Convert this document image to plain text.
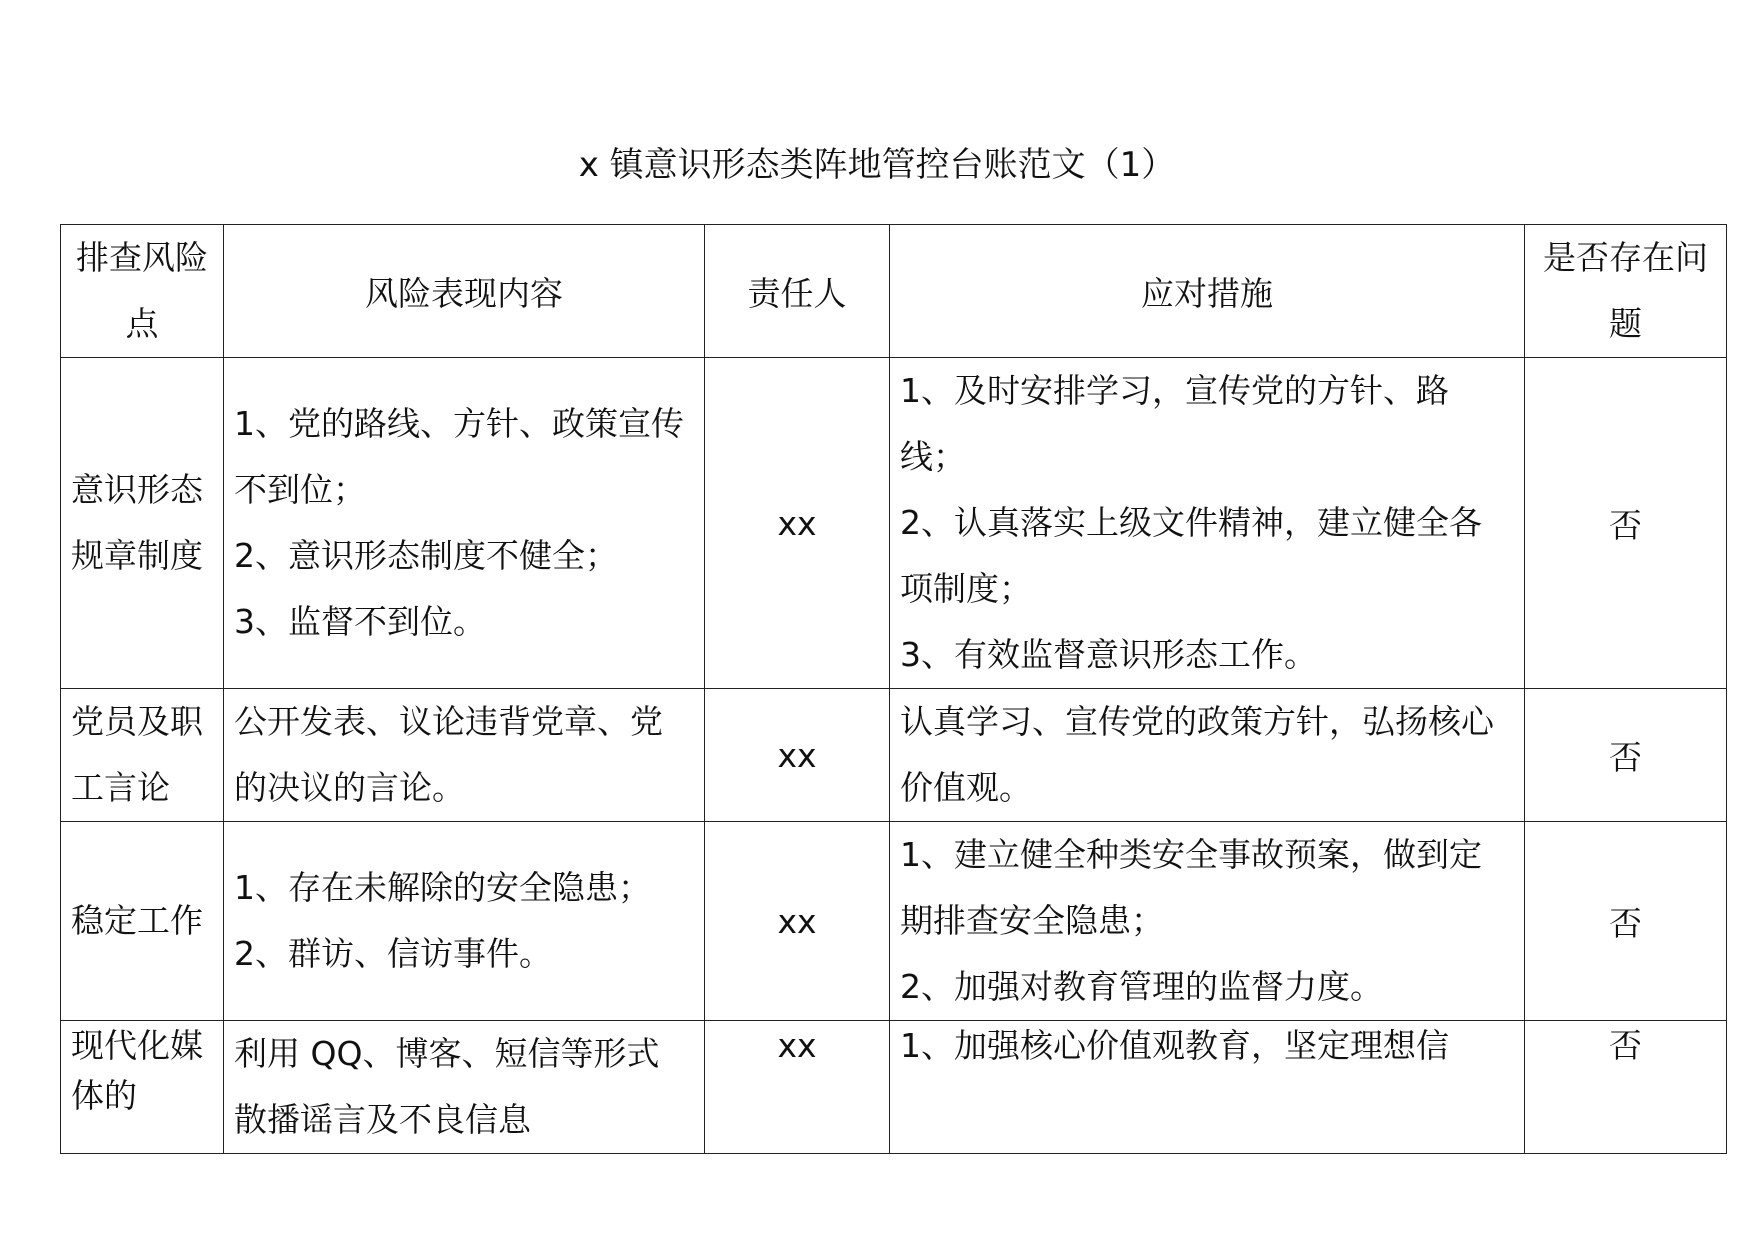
x 镇意识形态类阵地管控台账范文（1）
排查风险
点	风险表现内容	责任人	应对措施	是否存在问
题

意识形态
规章制度	1、党的路线、方针、政策宣传
不到位；
2、意识形态制度不健全；
3、监督不到位。	xx	1、及时安排学习，宣传党的方针、路
线；
2、认真落实上级文件精神，建立健全各
项制度；
3、有效监督意识形态工作。	否

党员及职
工言论	公开发表、议论违背党章、党
的决议的言论。	xx	认真学习、宣传党的政策方针，弘扬核心
价值观。	否

稳定工作	1、存在未解除的安全隐患；
2、群访、信访事件。	xx	1、建立健全种类安全事故预案，做到定
期排查安全隐患；
2、加强对教育管理的监督力度。	否

现代化媒
体的	利用 QQ、博客、短信等形式
散播谣言及不良信息	xx	1、加强核心价值观教育，坚定理想信	否
